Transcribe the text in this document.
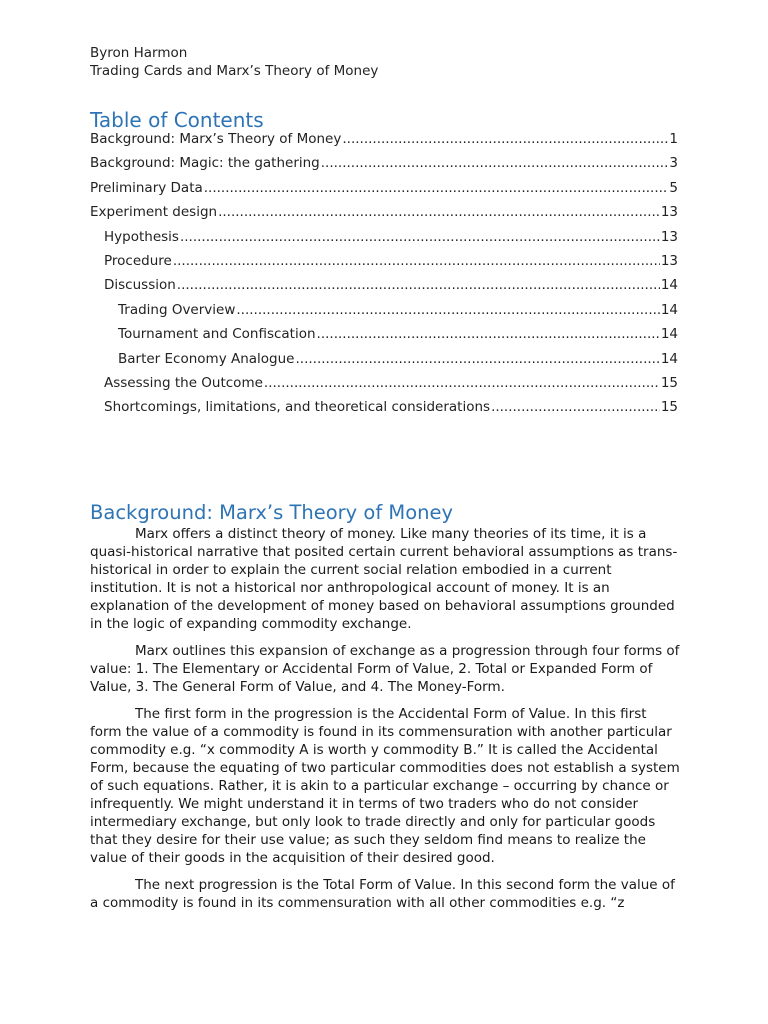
Byron Harmon
Trading Cards and Marx’s Theory of Money
Table of Contents
Background: Marx’s Theory of Money .....	1
Background: Magic: the gathering .....	3
Preliminary Data .....	5
Experiment design .....	13
Hypothesis .....	13
Procedure .....	13
Discussion .....	14
Trading Overview .....	14
Tournament and Confiscation .....	14
Barter Economy Analogue .....	14
Assessing the Outcome .....	15
Shortcomings, limitations, and theoretical considerations .....	15
Background: Marx’s Theory of Money

Marx offers a distinct theory of money. Like many theories of its time, it is a quasi-historical narrative that posited certain current behavioral assumptions as trans-historical in order to explain the current social relation embodied in a current institution. It is not a historical nor anthropological account of money. It is an explanation of the development of money based on behavioral assumptions grounded in the logic of expanding commodity exchange.

Marx outlines this expansion of exchange as a progression through four forms of value: 1. The Elementary or Accidental Form of Value, 2. Total or Expanded Form of Value, 3. The General Form of Value, and 4. The Money-Form.

The first form in the progression is the Accidental Form of Value. In this first form the value of a commodity is found in its commensuration with another particular commodity e.g. “x commodity A is worth y commodity B.” It is called the Accidental Form, because the equating of two particular commodities does not establish a system of such equations. Rather, it is akin to a particular exchange – occurring by chance or infrequently. We might understand it in terms of two traders who do not consider intermediary exchange, but only look to trade directly and only for particular goods that they desire for their use value; as such they seldom find means to realize the value of their goods in the acquisition of their desired good.

The next progression is the Total Form of Value. In this second form the value of a commodity is found in its commensuration with all other commodities e.g. “z
